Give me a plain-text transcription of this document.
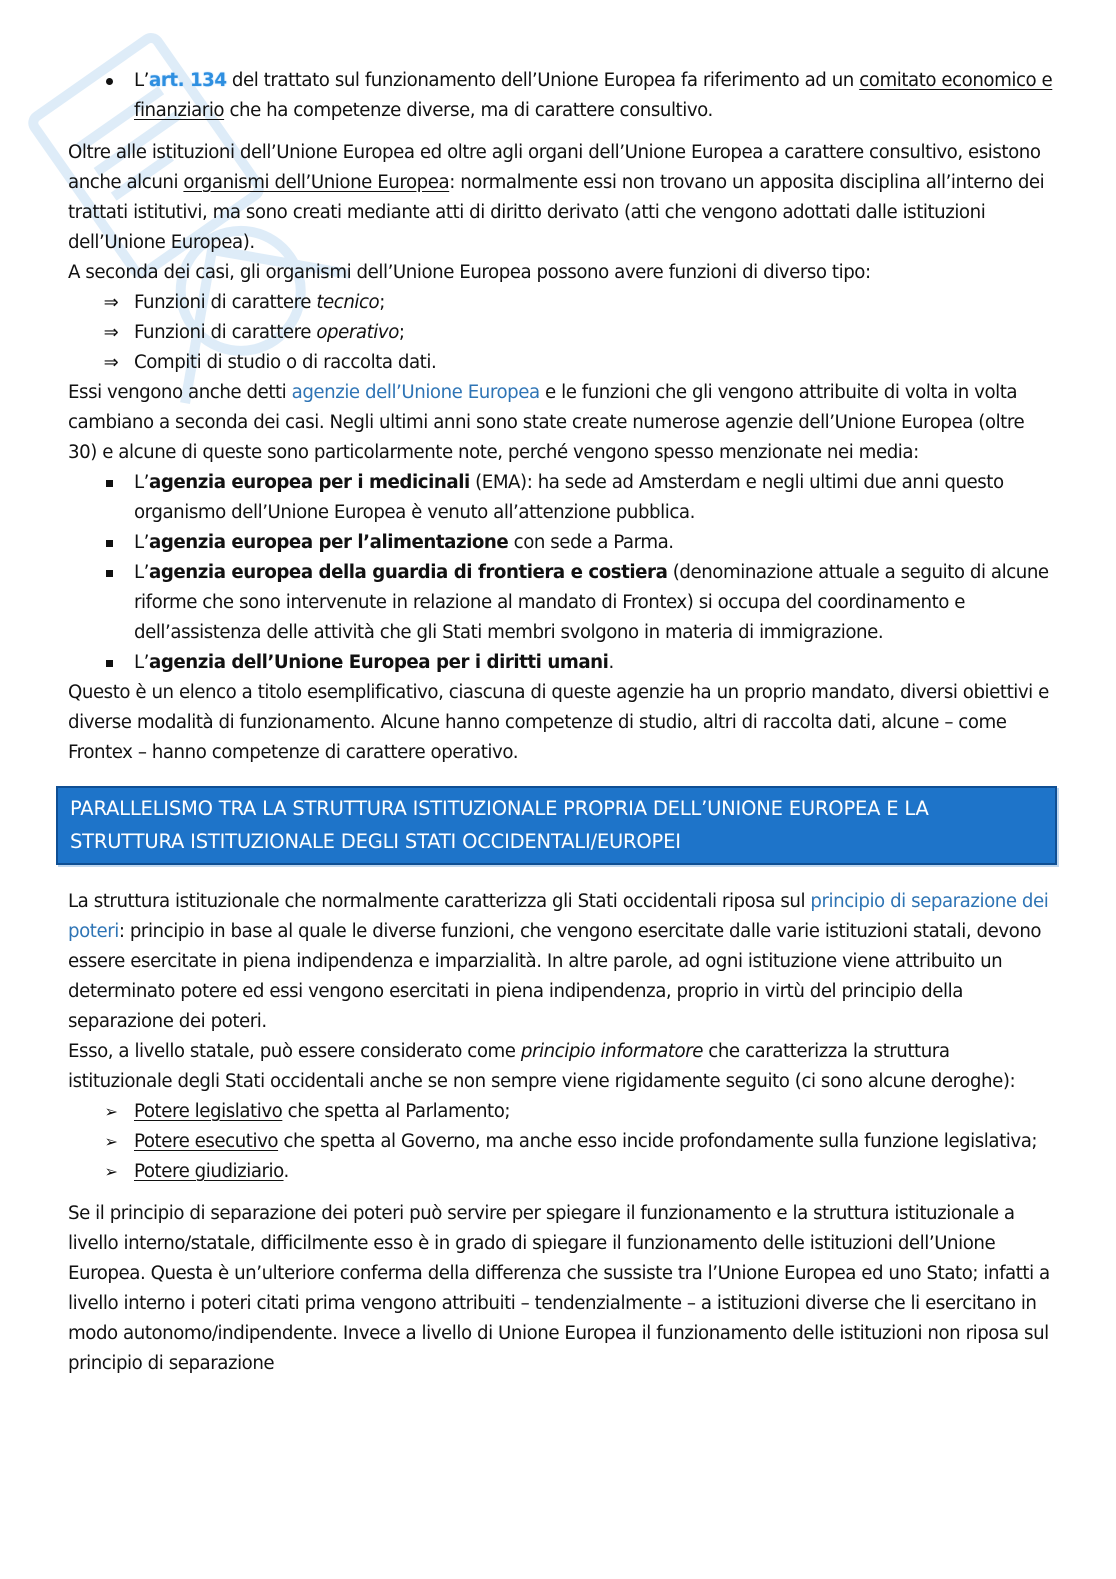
L’art. 134 del trattato sul funzionamento dell’Unione Europea fa riferimento ad un comitato economico e finanziario che ha competenze diverse, ma di carattere consultivo.

Oltre alle istituzioni dell’Unione Europea ed oltre agli organi dell’Unione Europea a carattere consultivo, esistono anche alcuni organismi dell’Unione Europea: normalmente essi non trovano un apposita disciplina all’interno dei trattati istitutivi, ma sono creati mediante atti di diritto derivato (atti che vengono adottati dalle istituzioni dell’Unione Europea).

A seconda dei casi, gli organismi dell’Unione Europea possono avere funzioni di diverso tipo:

⇒ Funzioni di carattere tecnico;
⇒ Funzioni di carattere operativo;
⇒ Compiti di studio o di raccolta dati.

Essi vengono anche detti agenzie dell’Unione Europea e le funzioni che gli vengono attribuite di volta in volta cambiano a seconda dei casi. Negli ultimi anni sono state create numerose agenzie dell’Unione Europea (oltre 30) e alcune di queste sono particolarmente note, perché vengono spesso menzionate nei media:

L’agenzia europea per i medicinali (EMA): ha sede ad Amsterdam e negli ultimi due anni questo organismo dell’Unione Europea è venuto all’attenzione pubblica.
L’agenzia europea per l’alimentazione con sede a Parma.
L’agenzia europea della guardia di frontiera e costiera (denominazione attuale a seguito di alcune riforme che sono intervenute in relazione al mandato di Frontex) si occupa del coordinamento e dell’assistenza delle attività che gli Stati membri svolgono in materia di immigrazione.
L’agenzia dell’Unione Europea per i diritti umani.

Questo è un elenco a titolo esemplificativo, ciascuna di queste agenzie ha un proprio mandato, diversi obiettivi e diverse modalità di funzionamento. Alcune hanno competenze di studio, altri di raccolta dati, alcune – come Frontex – hanno competenze di carattere operativo.

PARALLELISMO TRA LA STRUTTURA ISTITUZIONALE PROPRIA DELL’UNIONE EUROPEA E LA STRUTTURA ISTITUZIONALE DEGLI STATI OCCIDENTALI/EUROPEI

La struttura istituzionale che normalmente caratterizza gli Stati occidentali riposa sul principio di separazione dei poteri: principio in base al quale le diverse funzioni, che vengono esercitate dalle varie istituzioni statali, devono essere esercitate in piena indipendenza e imparzialità. In altre parole, ad ogni istituzione viene attribuito un determinato potere ed essi vengono esercitati in piena indipendenza, proprio in virtù del principio della separazione dei poteri.

Esso, a livello statale, può essere considerato come principio informatore che caratterizza la struttura istituzionale degli Stati occidentali anche se non sempre viene rigidamente seguito (ci sono alcune deroghe):

➢ Potere legislativo che spetta al Parlamento;
➢ Potere esecutivo che spetta al Governo, ma anche esso incide profondamente sulla funzione legislativa;
➢ Potere giudiziario.

Se il principio di separazione dei poteri può servire per spiegare il funzionamento e la struttura istituzionale a livello interno/statale, difficilmente esso è in grado di spiegare il funzionamento delle istituzioni dell’Unione Europea. Questa è un’ulteriore conferma della differenza che sussiste tra l’Unione Europea ed uno Stato; infatti a livello interno i poteri citati prima vengono attribuiti – tendenzialmente – a istituzioni diverse che li esercitano in modo autonomo/indipendente. Invece a livello di Unione Europea il funzionamento delle istituzioni non riposa sul principio di separazione
